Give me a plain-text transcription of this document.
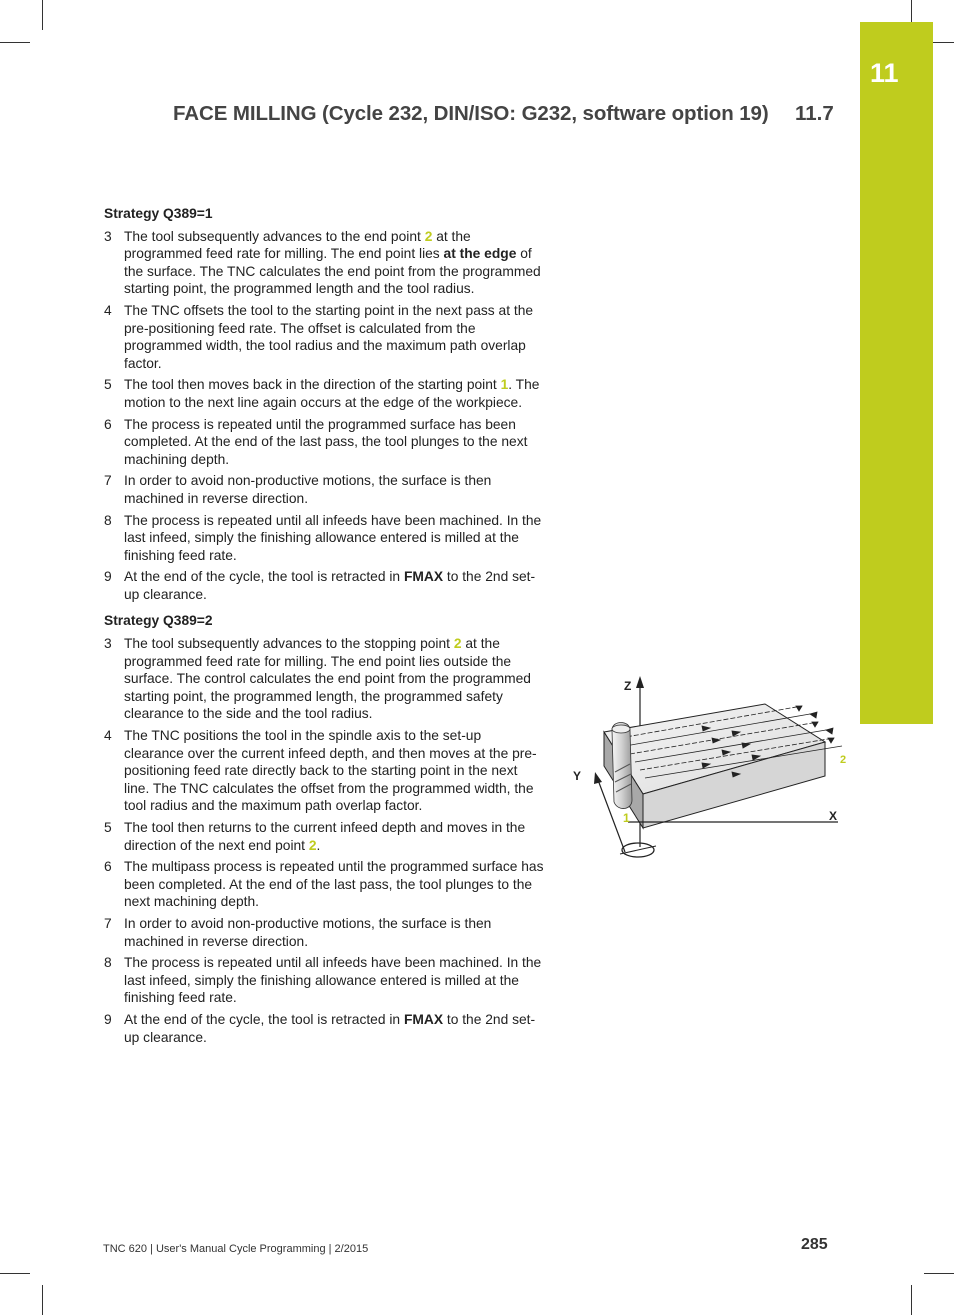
11
FACE MILLING (Cycle 232, DIN/ISO: G232, software option 19) 11.7
Strategy Q389=1
3 The tool subsequently advances to the end point 2 at the programmed feed rate for milling. The end point lies at the edge of the surface. The TNC calculates the end point from the programmed starting point, the programmed length and the tool radius.
4 The TNC offsets the tool to the starting point in the next pass at the pre-positioning feed rate. The offset is calculated from the programmed width, the tool radius and the maximum path overlap factor.
5 The tool then moves back in the direction of the starting point 1. The motion to the next line again occurs at the edge of the workpiece.
6 The process is repeated until the programmed surface has been completed. At the end of the last pass, the tool plunges to the next machining depth.
7 In order to avoid non-productive motions, the surface is then machined in reverse direction.
8 The process is repeated until all infeeds have been machined. In the last infeed, simply the finishing allowance entered is milled at the finishing feed rate.
9 At the end of the cycle, the tool is retracted in FMAX to the 2nd set-up clearance.
Strategy Q389=2
3 The tool subsequently advances to the stopping point 2 at the programmed feed rate for milling. The end point lies outside the surface. The control calculates the end point from the programmed starting point, the programmed length, the programmed safety clearance to the side and the tool radius.
4 The TNC positions the tool in the spindle axis to the set-up clearance over the current infeed depth, and then moves at the pre-positioning feed rate directly back to the starting point in the next line. The TNC calculates the offset from the programmed width, the tool radius and the maximum path overlap factor.
5 The tool then returns to the current infeed depth and moves in the direction of the next end point 2.
6 The multipass process is repeated until the programmed surface has been completed. At the end of the last pass, the tool plunges to the next machining depth.
7 In order to avoid non-productive motions, the surface is then machined in reverse direction.
8 The process is repeated until all infeeds have been machined. In the last infeed, simply the finishing allowance entered is milled at the finishing feed rate.
9 At the end of the cycle, the tool is retracted in FMAX to the 2nd set-up clearance.
Z
Y
X
1
2
TNC 620 | User's Manual Cycle Programming | 2/2015	285
